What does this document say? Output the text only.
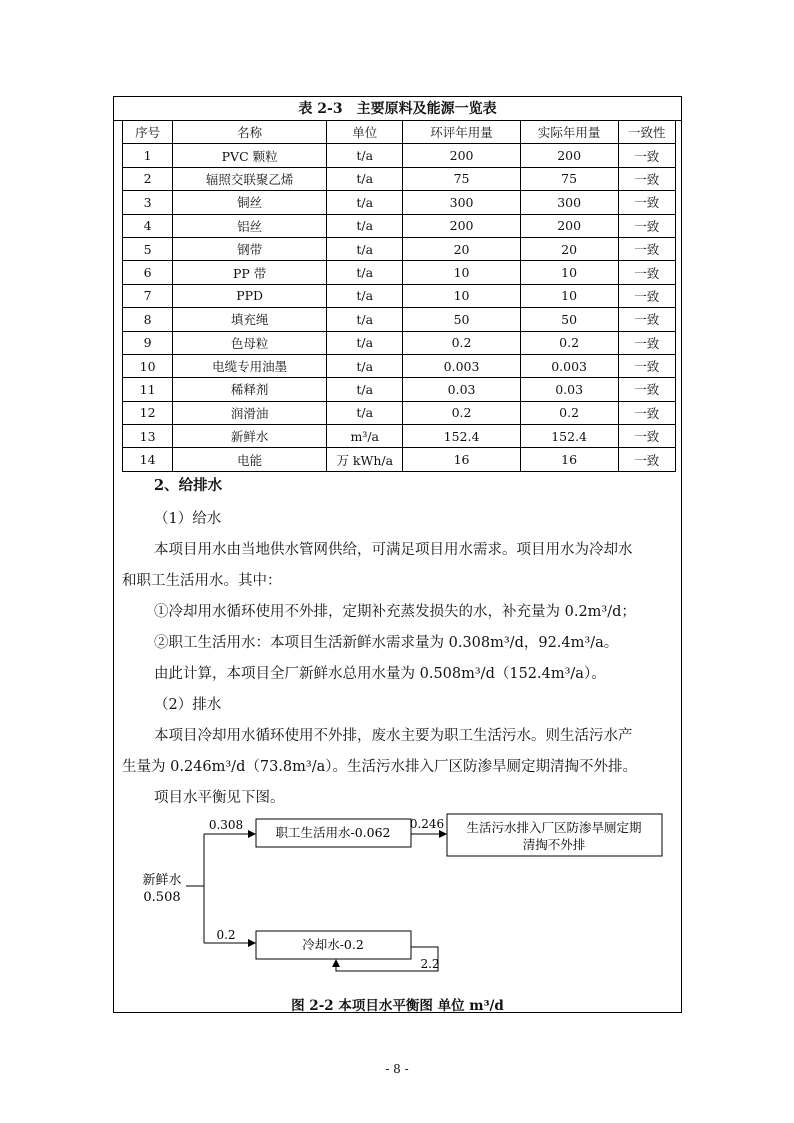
表 2-3　主要原料及能源一览表
序号	名称	单位	环评年用量	实际年用量	一致性
1	PVC 颗粒	t/a	200	200	一致
2	辐照交联聚乙烯	t/a	75	75	一致
3	铜丝	t/a	300	300	一致
4	铝丝	t/a	200	200	一致
5	钢带	t/a	20	20	一致
6	PP 带	t/a	10	10	一致
7	PPD	t/a	10	10	一致
8	填充绳	t/a	50	50	一致
9	色母粒	t/a	0.2	0.2	一致
10	电缆专用油墨	t/a	0.003	0.003	一致
11	稀释剂	t/a	0.03	0.03	一致
12	润滑油	t/a	0.2	0.2	一致
13	新鲜水	m³/a	152.4	152.4	一致
14	电能	万 kWh/a	16	16	一致
2、给排水
（1）给水
本项目用水由当地供水管网供给，可满足项目用水需求。项目用水为冷却水
和职工生活用水。其中：
①冷却用水循环使用不外排，定期补充蒸发损失的水，补充量为 0.2m³/d；
②职工生活用水：本项目生活新鲜水需求量为 0.308m³/d，92.4m³/a。
由此计算，本项目全厂新鲜水总用水量为 0.508m³/d（152.4m³/a）。
（2）排水
本项目冷却用水循环使用不外排，废水主要为职工生活污水。则生活污水产
生量为 0.246m³/d（73.8m³/a）。生活污水排入厂区防渗旱厕定期清掏不外排。
项目水平衡见下图。
新鲜水
0.508
0.308	职工生活用水-0.062
0.246 生活污水排入厂区防渗旱厕定期
清掏不外排
0.2
冷却水-0.2
2.2
图 2-2 本项目水平衡图 单位 m³/d
- 8 -
